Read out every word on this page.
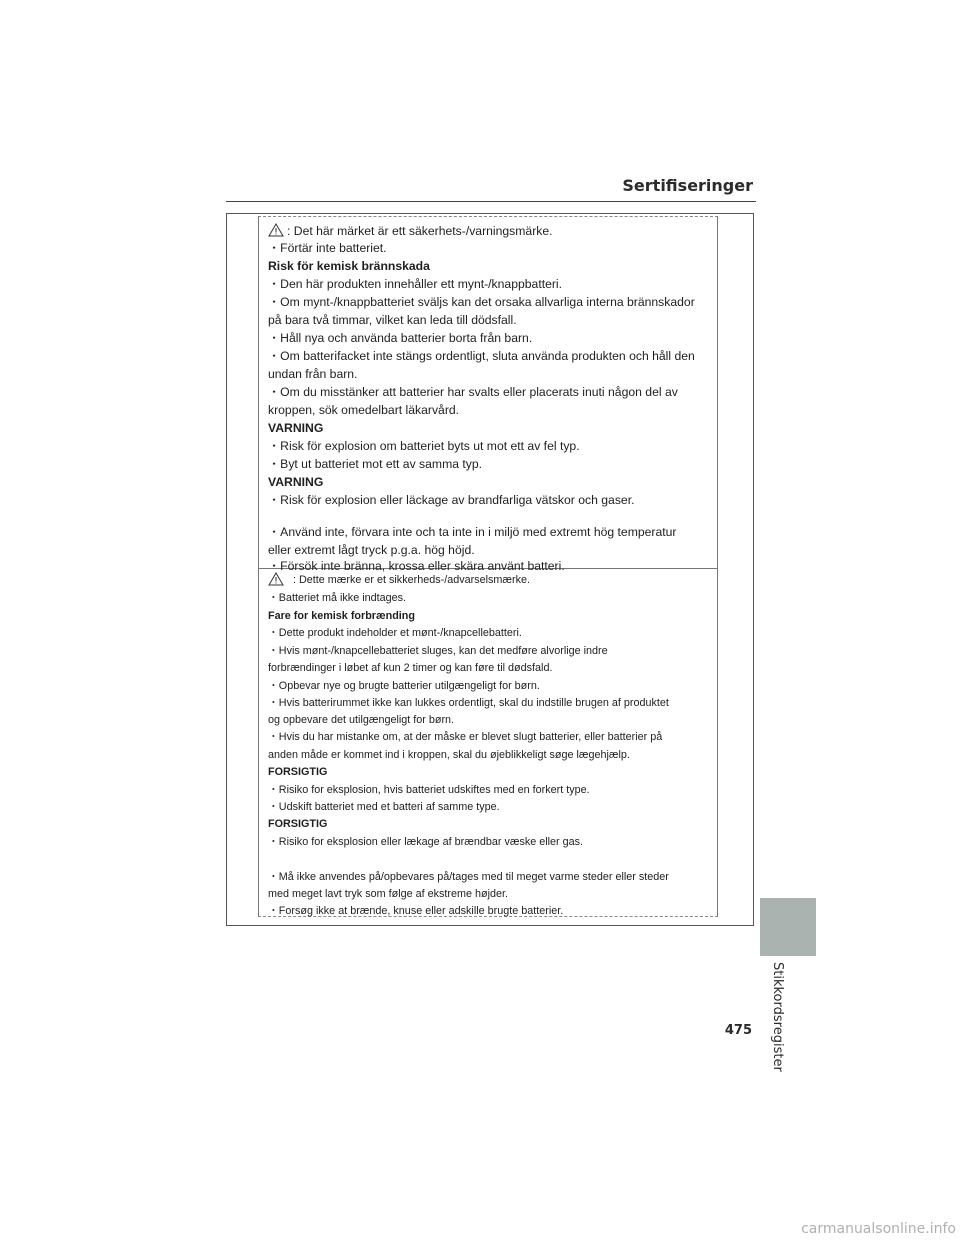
Sertifiseringer
: Det här märket är ett säkerhets-/varningsmärke.
・Förtär inte batteriet.
Risk för kemisk brännskada
・Den här produkten innehåller ett mynt-/knappbatteri.
・Om mynt-/knappbatteriet sväljs kan det orsaka allvarliga interna brännskador
på bara två timmar, vilket kan leda till dödsfall.
・Håll nya och använda batterier borta från barn.
・Om batterifacket inte stängs ordentligt, sluta använda produkten och håll den
undan från barn.
・Om du misstänker att batterier har svalts eller placerats inuti någon del av
kroppen, sök omedelbart läkarvård.
VARNING
・Risk för explosion om batteriet byts ut mot ett av fel typ.
・Byt ut batteriet mot ett av samma typ.
VARNING
・Risk för explosion eller läckage av brandfarliga vätskor och gaser.
・Använd inte, förvara inte och ta inte in i miljö med extremt hög temperatur
eller extremt lågt tryck p.g.a. hög höjd.
・Försök inte bränna, krossa eller skära använt batteri.
: Dette mærke er et sikkerheds-/advarselsmærke.
・Batteriet må ikke indtages.
Fare for kemisk forbrænding
・Dette produkt indeholder et mønt-/knapcellebatteri.
・Hvis mønt-/knapcellebatteriet sluges, kan det medføre alvorlige indre
forbrændinger i løbet af kun 2 timer og kan føre til dødsfald.
・Opbevar nye og brugte batterier utilgængeligt for børn.
・Hvis batterirummet ikke kan lukkes ordentligt, skal du indstille brugen af produktet
og opbevare det utilgængeligt for børn.
・Hvis du har mistanke om, at der måske er blevet slugt batterier, eller batterier på
anden måde er kommet ind i kroppen, skal du øjeblikkeligt søge lægehjælp.
FORSIGTIG
・Risiko for eksplosion, hvis batteriet udskiftes med en forkert type.
・Udskift batteriet med et batteri af samme type.
FORSIGTIG
・Risiko for eksplosion eller lækage af brændbar væske eller gas.
・Må ikke anvendes på/opbevares på/tages med til meget varme steder eller steder
med meget lavt tryk som følge af ekstreme højder.
・Forsøg ikke at brænde, knuse eller adskille brugte batterier.
Stikkordsregister
475
carmanualsonline.info
